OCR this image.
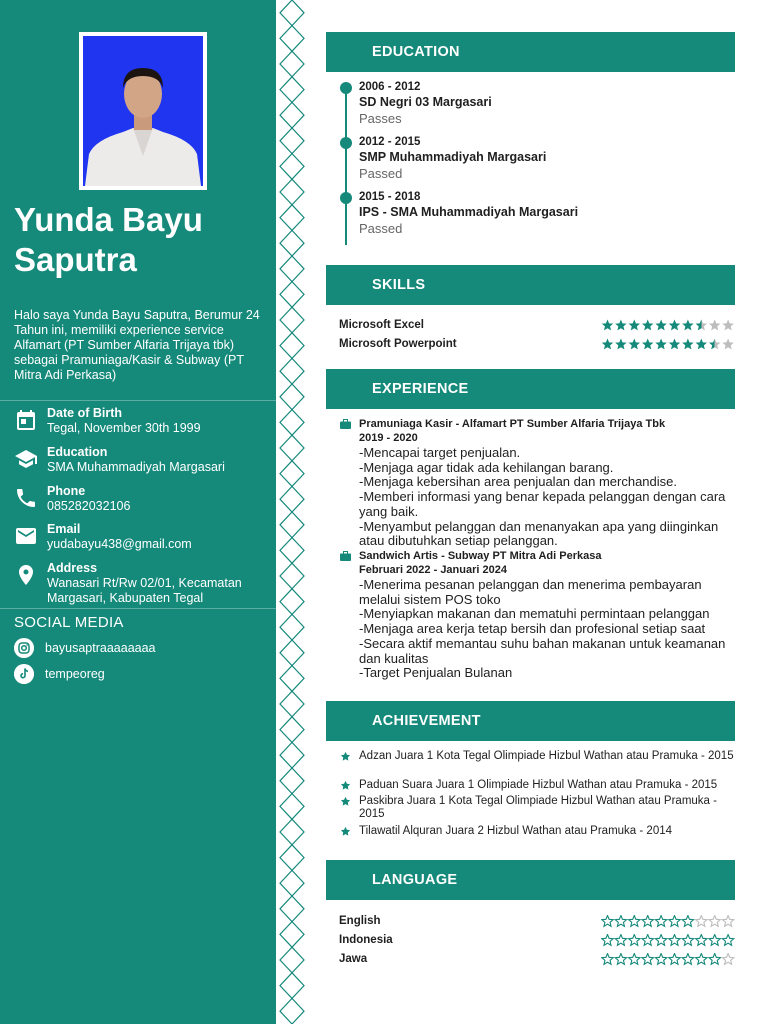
Yunda Bayu Saputra
Halo saya Yunda Bayu Saputra, Berumur 24 Tahun ini, memiliki experience service Alfamart (PT Sumber Alfaria Trijaya tbk) sebagai Pramuniaga/Kasir & Subway (PT Mitra Adi Perkasa)
Date of Birth
Tegal, November 30th 1999
Education
SMA Muhammadiyah Margasari
Phone
085282032106
Email
yudabayu438@gmail.com
Address
Wanasari Rt/Rw 02/01, Kecamatan Margasari, Kabupaten Tegal
SOCIAL MEDIA
bayusaptraaaaaaaa
tempeoreg
EDUCATION
2006 - 2012
SD Negri 03 Margasari
Passes
2012 - 2015
SMP Muhammadiyah Margasari
Passed
2015 - 2018
IPS - SMA Muhammadiyah Margasari
Passed
SKILLS
Microsoft Excel
Microsoft Powerpoint
EXPERIENCE
Pramuniaga Kasir - Alfamart PT Sumber Alfaria Trijaya Tbk
2019 - 2020
-Mencapai target penjualan.
-Menjaga agar tidak ada kehilangan barang.
-Menjaga kebersihan area penjualan dan merchandise.
-Memberi informasi yang benar kepada pelanggan dengan cara yang baik.
-Menyambut pelanggan dan menanyakan apa yang diinginkan atau dibutuhkan setiap pelanggan.
Sandwich Artis - Subway PT Mitra Adi Perkasa
Februari 2022 - Januari 2024
-Menerima pesanan pelanggan dan menerima pembayaran melalui sistem POS toko
-Menyiapkan makanan dan mematuhi permintaan pelanggan
-Menjaga area kerja tetap bersih dan profesional setiap saat
-Secara aktif memantau suhu bahan makanan untuk keamanan dan kualitas
-Target Penjualan Bulanan
ACHIEVEMENT
Adzan Juara 1 Kota Tegal Olimpiade Hizbul Wathan atau Pramuka - 2015
Paduan Suara Juara 1 Olimpiade Hizbul Wathan atau Pramuka - 2015
Paskibra Juara 1 Kota Tegal Olimpiade Hizbul Wathan atau Pramuka - 2015
Tilawatil Alquran Juara 2 Hizbul Wathan atau Pramuka - 2014
LANGUAGE
English
Indonesia
Jawa
